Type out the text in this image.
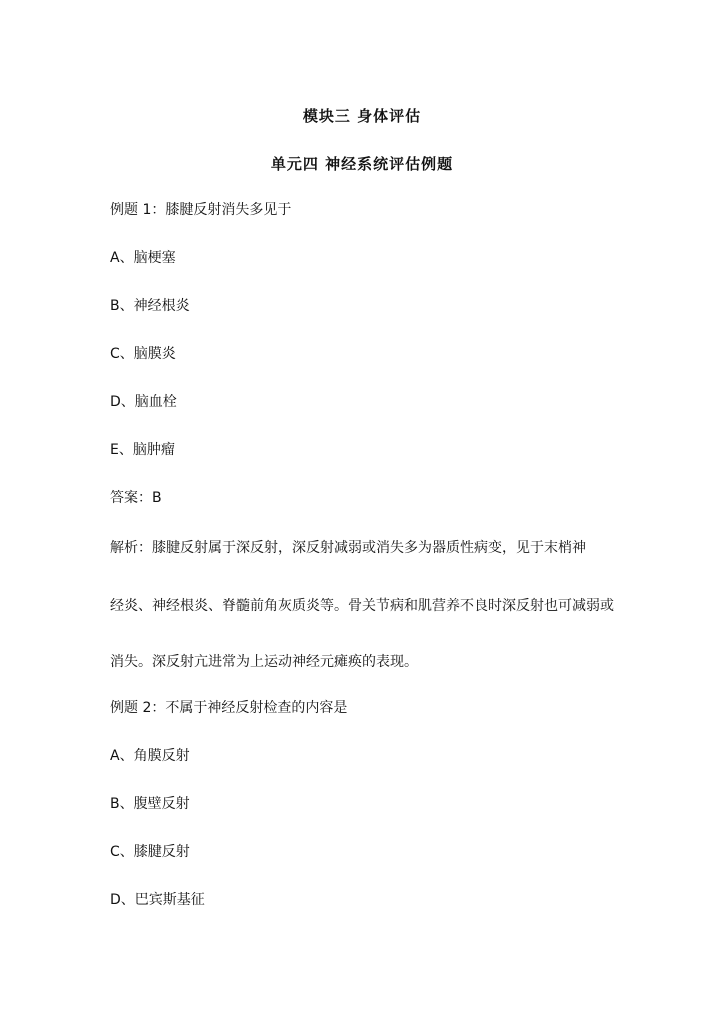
模块三 身体评估
单元四 神经系统评估例题
例题 1：膝腱反射消失多见于
A、脑梗塞
B、神经根炎
C、脑膜炎
D、脑血栓
E、脑肿瘤
答案：B
解析：膝腱反射属于深反射，深反射减弱或消失多为器质性病变，见于末梢神
经炎、神经根炎、脊髓前角灰质炎等。骨关节病和肌营养不良时深反射也可减弱或
消失。深反射亢进常为上运动神经元瘫痪的表现。
例题 2：不属于神经反射检查的内容是
A、角膜反射
B、腹壁反射
C、膝腱反射
D、巴宾斯基征
